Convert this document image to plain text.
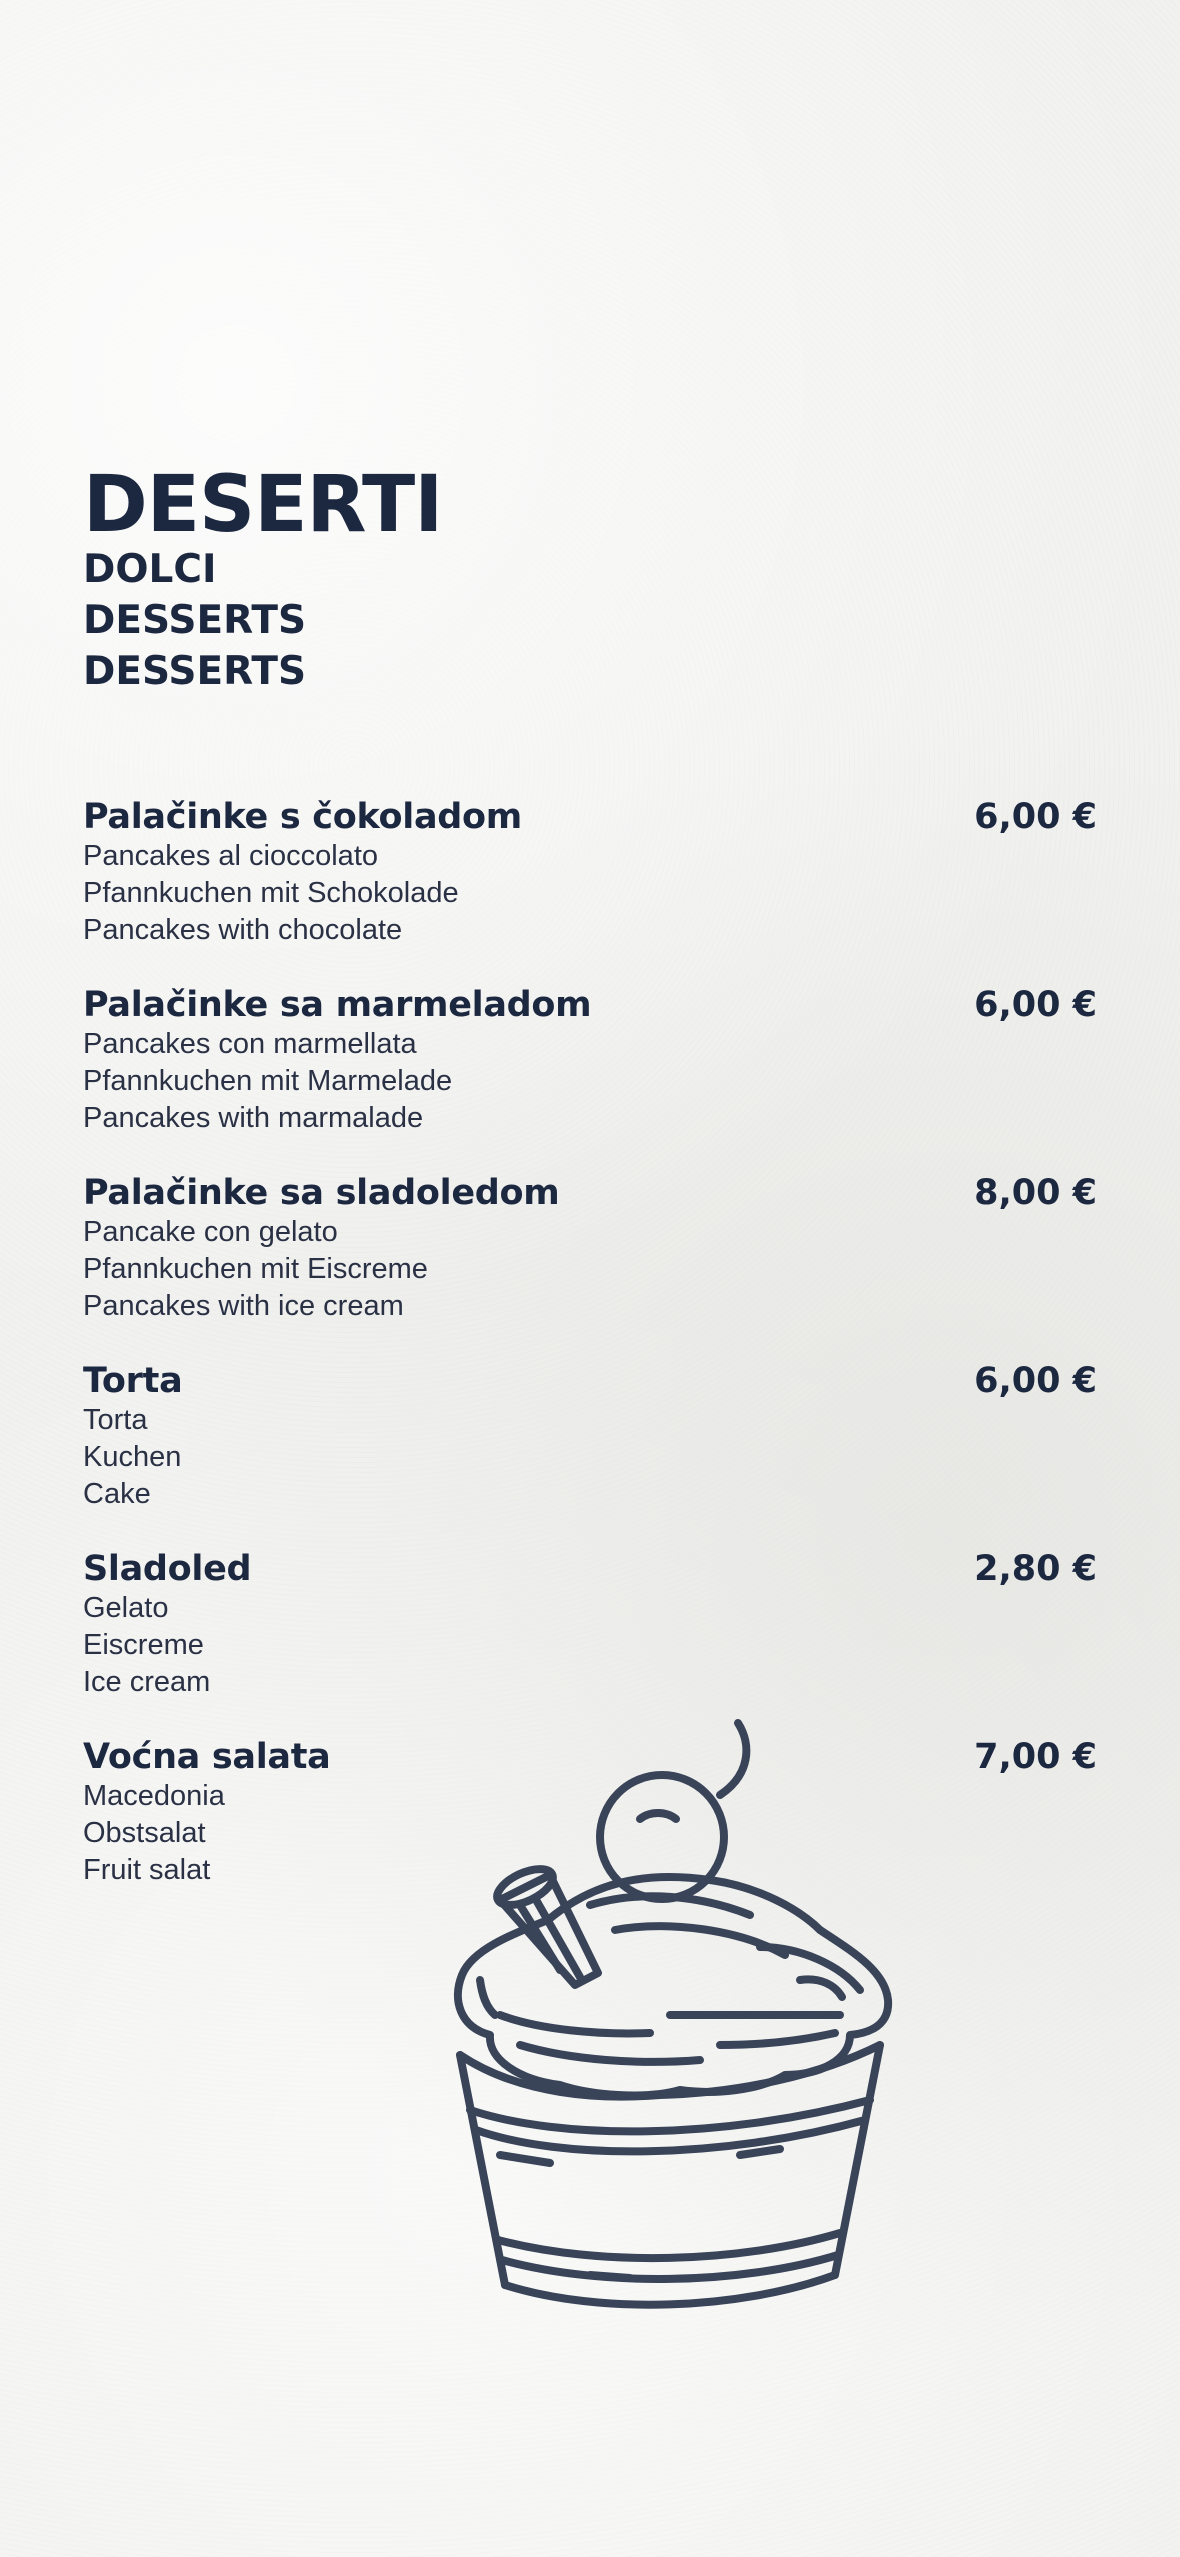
DESERTI
DOLCI
DESSERTS
DESSERTS
Palačinke s čokoladom	6,00 €
Pancakes al cioccolato
Pfannkuchen mit Schokolade
Pancakes with chocolate
Palačinke sa marmeladom	6,00 €
Pancakes con marmellata
Pfannkuchen mit Marmelade
Pancakes with marmalade
Palačinke sa sladoledom	8,00 €
Pancake con gelato
Pfannkuchen mit Eiscreme
Pancakes with ice cream
Torta	6,00 €
Torta
Kuchen
Cake
Sladoled	2,80 €
Gelato
Eiscreme
Ice cream
Voćna salata	7,00 €
Macedonia
Obstsalat
Fruit salat
